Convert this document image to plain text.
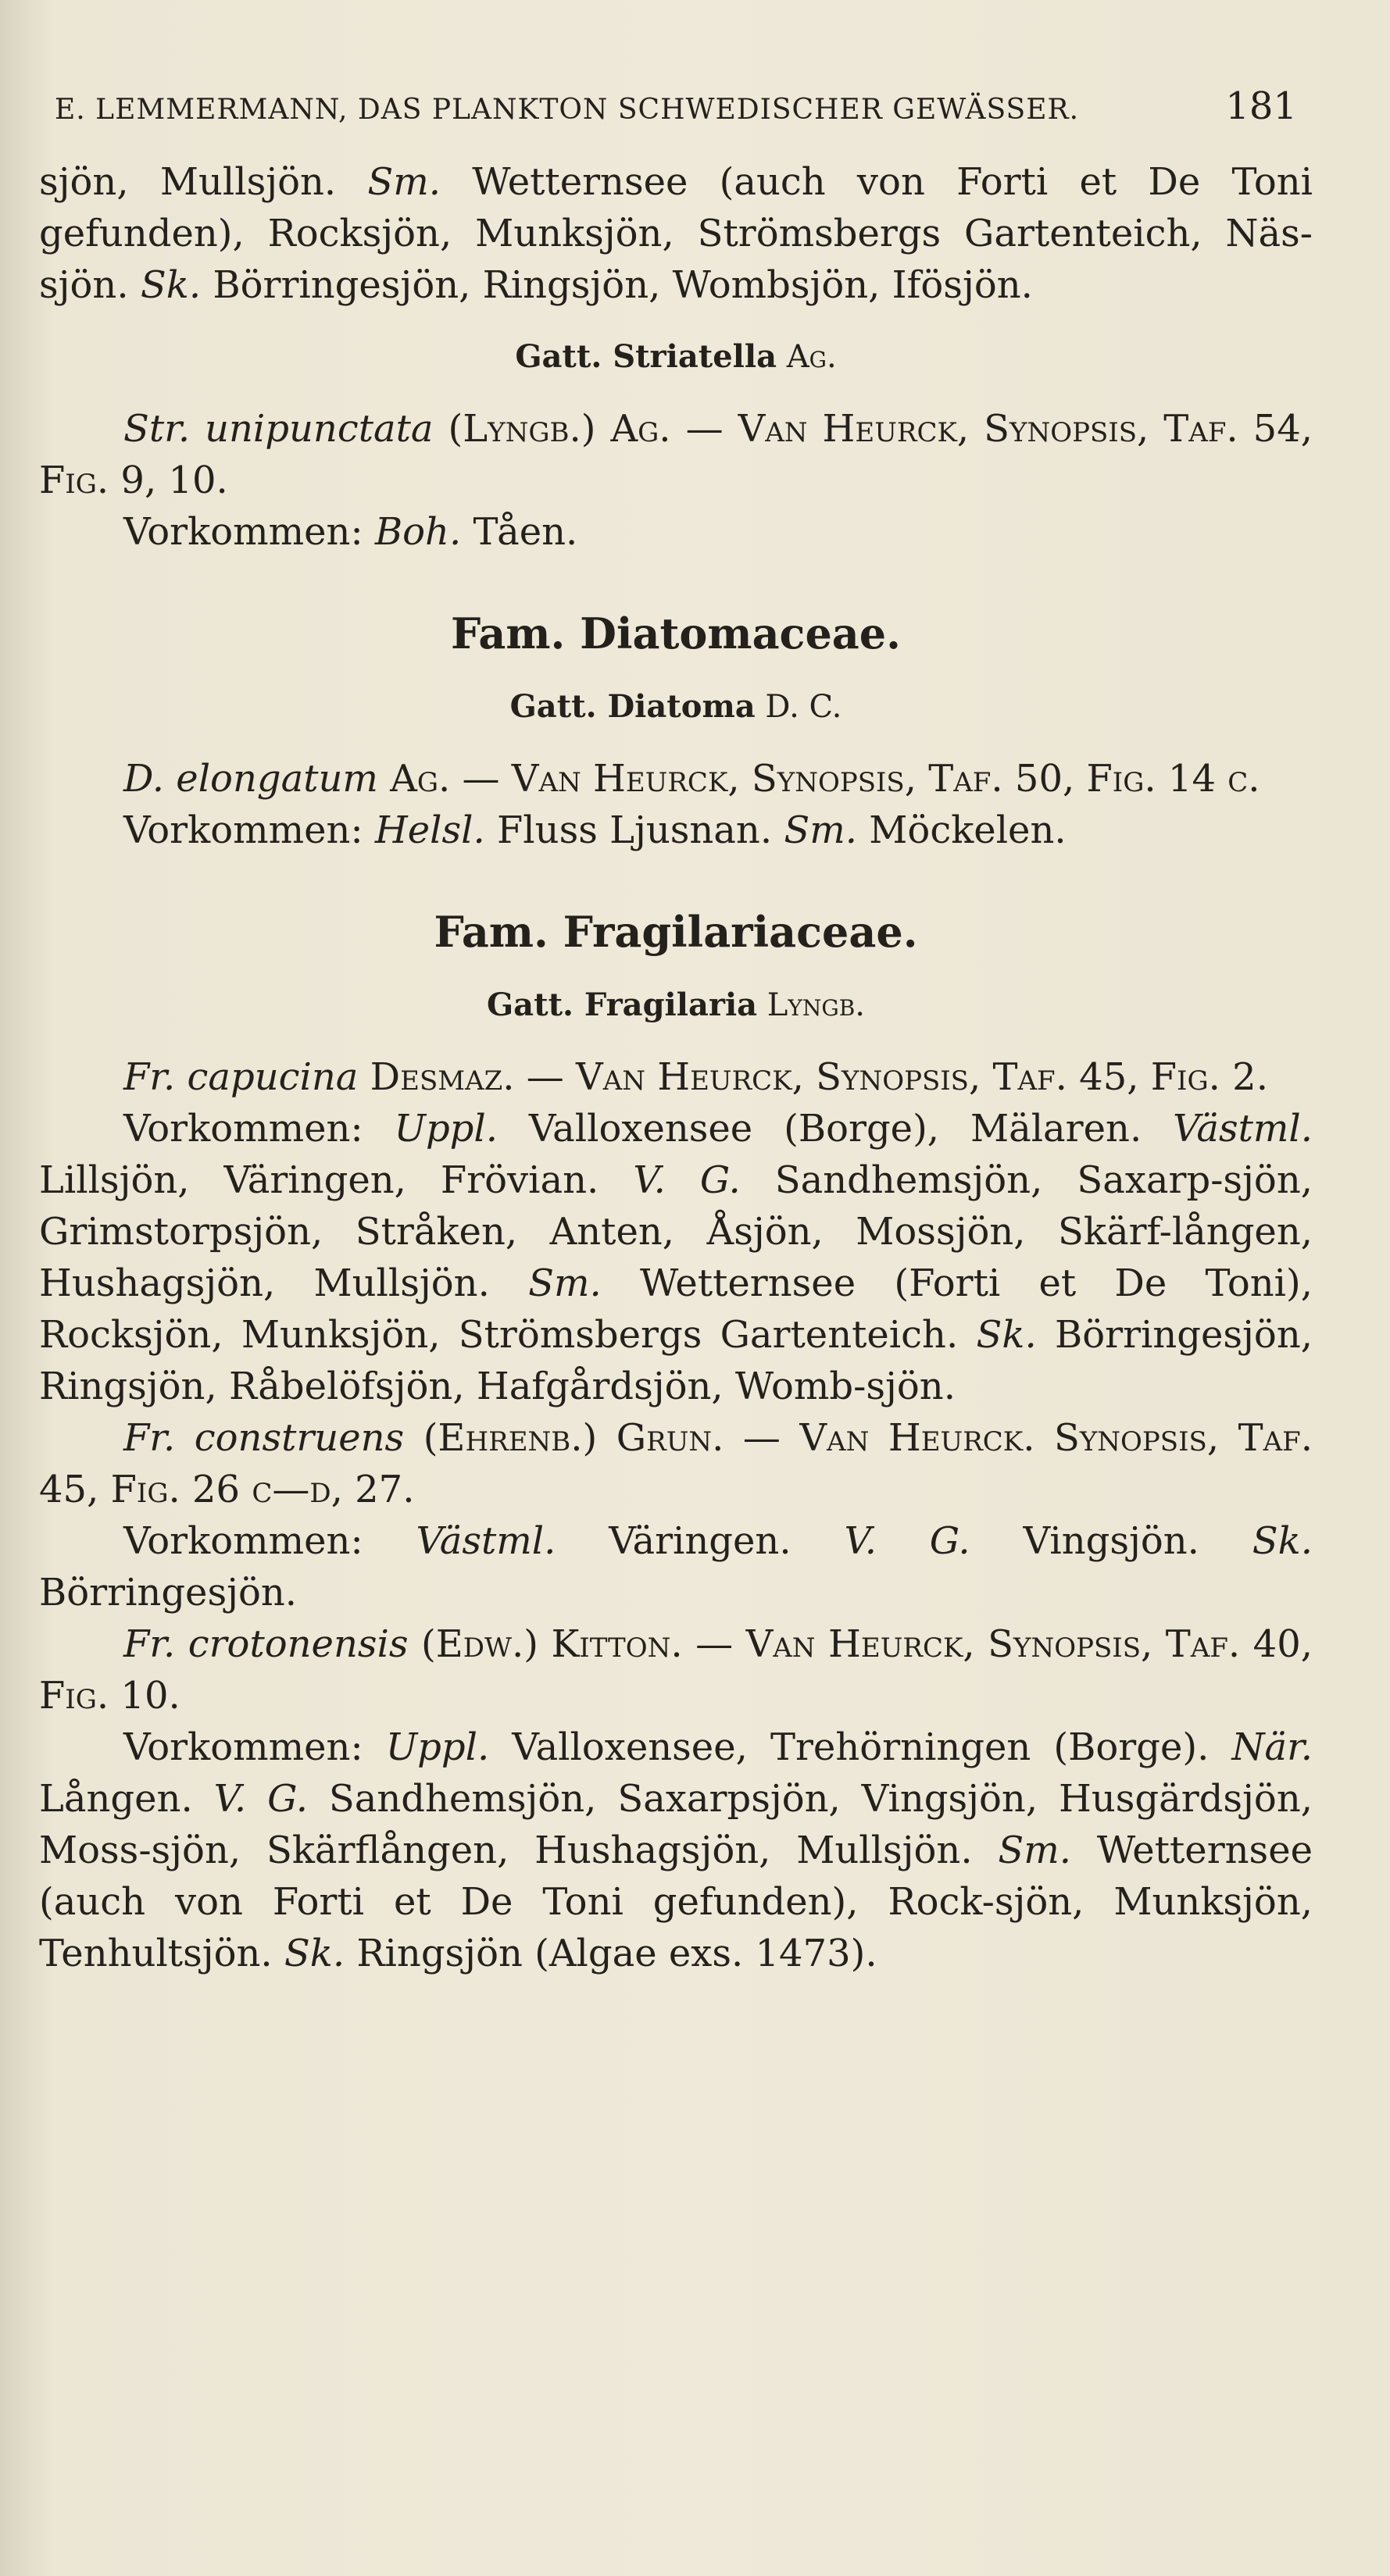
E. LEMMERMANN, DAS PLANKTON SCHWEDISCHER GEWÄSSER.	181

sjön, Mullsjön. Sm. Wetternsee (auch von Forti et De Toni gefunden), Rocksjön, Munksjön, Strömsbergs Gartenteich, Näs-sjön. Sk. Börringesjön, Ringsjön, Wombsjön, Ifösjön.

Gatt. Striatella Ag.

Str. unipunctata (Lyngb.) Ag. — Van Heurck, Synopsis, Taf. 54, Fig. 9, 10.

Vorkommen: Boh. Tåen.

Fam. Diatomaceae.
Gatt. Diatoma D. C.

D. elongatum Ag. — Van Heurck, Synopsis, Taf. 50, Fig. 14 c.

Vorkommen: Helsl. Fluss Ljusnan. Sm. Möckelen.

Fam. Fragilariaceae.
Gatt. Fragilaria Lyngb.

Fr. capucina Desmaz. — Van Heurck, Synopsis, Taf. 45, Fig. 2.

Vorkommen: Uppl. Valloxensee (Borge), Mälaren. Västml. Lillsjön, Väringen, Frövian. V. G. Sandhemsjön, Saxarp-sjön, Grimstorpsjön, Stråken, Anten, Åsjön, Mossjön, Skärf-lången, Hushagsjön, Mullsjön. Sm. Wetternsee (Forti et De Toni), Rocksjön, Munksjön, Strömsbergs Gartenteich. Sk. Börringesjön, Ringsjön, Råbelöfsjön, Hafgårdsjön, Womb-sjön.

Fr. construens (Ehrenb.) Grun. — Van Heurck. Synopsis, Taf. 45, Fig. 26 c—d, 27.

Vorkommen: Västml. Väringen. V. G. Vingsjön. Sk. Börringesjön.

Fr. crotonensis (Edw.) Kitton. — Van Heurck, Synopsis, Taf. 40, Fig. 10.

Vorkommen: Uppl. Valloxensee, Trehörningen (Borge). När. Lången. V. G. Sandhemsjön, Saxarpsjön, Vingsjön, Husgärdsjön, Moss-sjön, Skärflången, Hushagsjön, Mullsjön. Sm. Wetternsee (auch von Forti et De Toni gefunden), Rock-sjön, Munksjön, Tenhultsjön. Sk. Ringsjön (Algae exs. 1473).
